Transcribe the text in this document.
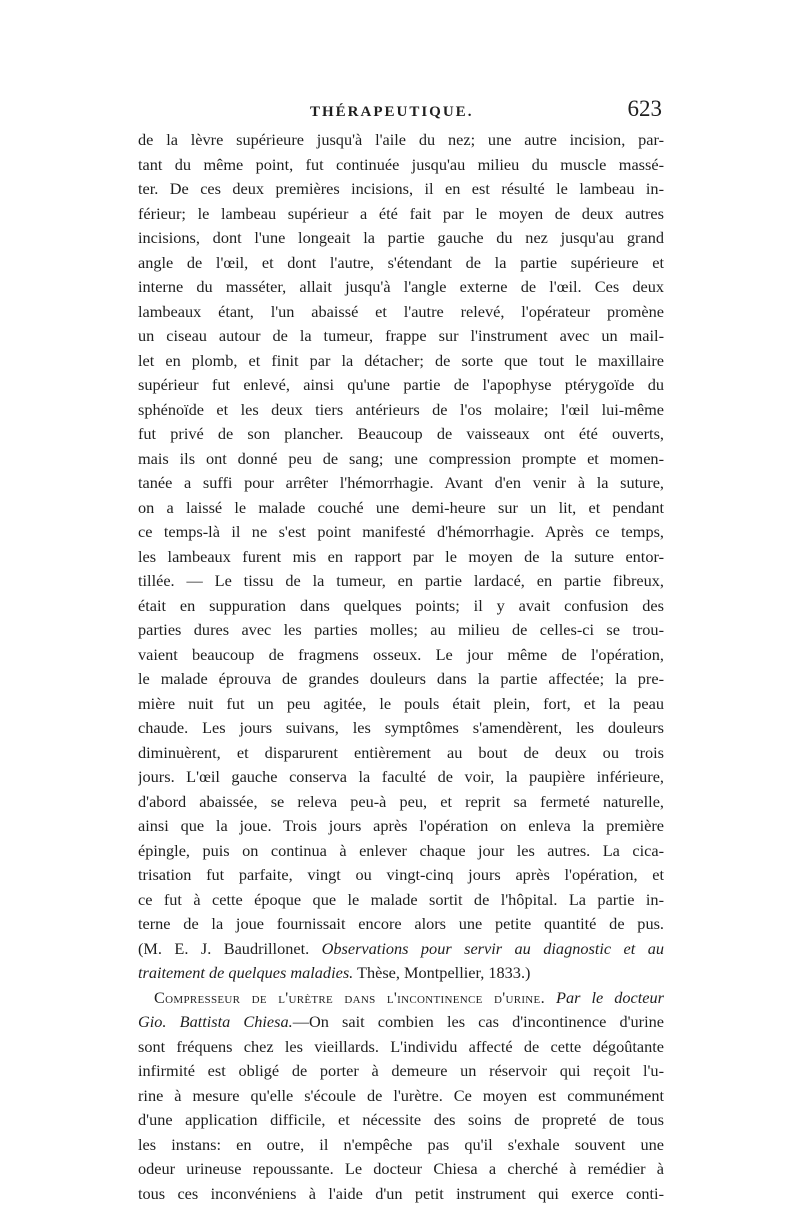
THÉRAPEUTIQUE.	623
de la lèvre supérieure jusqu'à l'aile du nez; une autre incision, par-
tant du même point, fut continuée jusqu'au milieu du muscle massé-
ter. De ces deux premières incisions, il en est résulté le lambeau in-
férieur; le lambeau supérieur a été fait par le moyen de deux autres
incisions, dont l'une longeait la partie gauche du nez jusqu'au grand
angle de l'œil, et dont l'autre, s'étendant de la partie supérieure et
interne du masséter, allait jusqu'à l'angle externe de l'œil. Ces deux
lambeaux étant, l'un abaissé et l'autre relevé, l'opérateur promène
un ciseau autour de la tumeur, frappe sur l'instrument avec un mail-
let en plomb, et finit par la détacher; de sorte que tout le maxillaire
supérieur fut enlevé, ainsi qu'une partie de l'apophyse ptérygoïde du
sphénoïde et les deux tiers antérieurs de l'os molaire; l'œil lui-même
fut privé de son plancher. Beaucoup de vaisseaux ont été ouverts,
mais ils ont donné peu de sang; une compression prompte et momen-
tanée a suffi pour arrêter l'hémorrhagie. Avant d'en venir à la suture,
on a laissé le malade couché une demi-heure sur un lit, et pendant
ce temps-là il ne s'est point manifesté d'hémorrhagie. Après ce temps,
les lambeaux furent mis en rapport par le moyen de la suture entor-
tillée. — Le tissu de la tumeur, en partie lardacé, en partie fibreux,
était en suppuration dans quelques points; il y avait confusion des
parties dures avec les parties molles; au milieu de celles-ci se trou-
vaient beaucoup de fragmens osseux. Le jour même de l'opération,
le malade éprouva de grandes douleurs dans la partie affectée; la pre-
mière nuit fut un peu agitée, le pouls était plein, fort, et la peau
chaude. Les jours suivans, les symptômes s'amendèrent, les douleurs
diminuèrent, et disparurent entièrement au bout de deux ou trois
jours. L'œil gauche conserva la faculté de voir, la paupière inférieure,
d'abord abaissée, se releva peu-à peu, et reprit sa fermeté naturelle,
ainsi que la joue. Trois jours après l'opération on enleva la première
épingle, puis on continua à enlever chaque jour les autres. La cica-
trisation fut parfaite, vingt ou vingt-cinq jours après l'opération, et
ce fut à cette époque que le malade sortit de l'hôpital. La partie in-
terne de la joue fournissait encore alors une petite quantité de pus.
(M. E. J. Baudrillonet. Observations pour servir au diagnostic et au
traitement de quelques maladies. Thèse, Montpellier, 1833.)
Compresseur de l'urètre dans l'incontinence d'urine. Par le docteur
Gio. Battista Chiesa.—On sait combien les cas d'incontinence d'urine
sont fréquens chez les vieillards. L'individu affecté de cette dégoûtante
infirmité est obligé de porter à demeure un réservoir qui reçoit l'u-
rine à mesure qu'elle s'écoule de l'urètre. Ce moyen est communément
d'une application difficile, et nécessite des soins de propreté de tous
les instans: en outre, il n'empêche pas qu'il s'exhale souvent une
odeur urineuse repoussante. Le docteur Chiesa a cherché à remédier à
tous ces inconvéniens à l'aide d'un petit instrument qui exerce conti-
